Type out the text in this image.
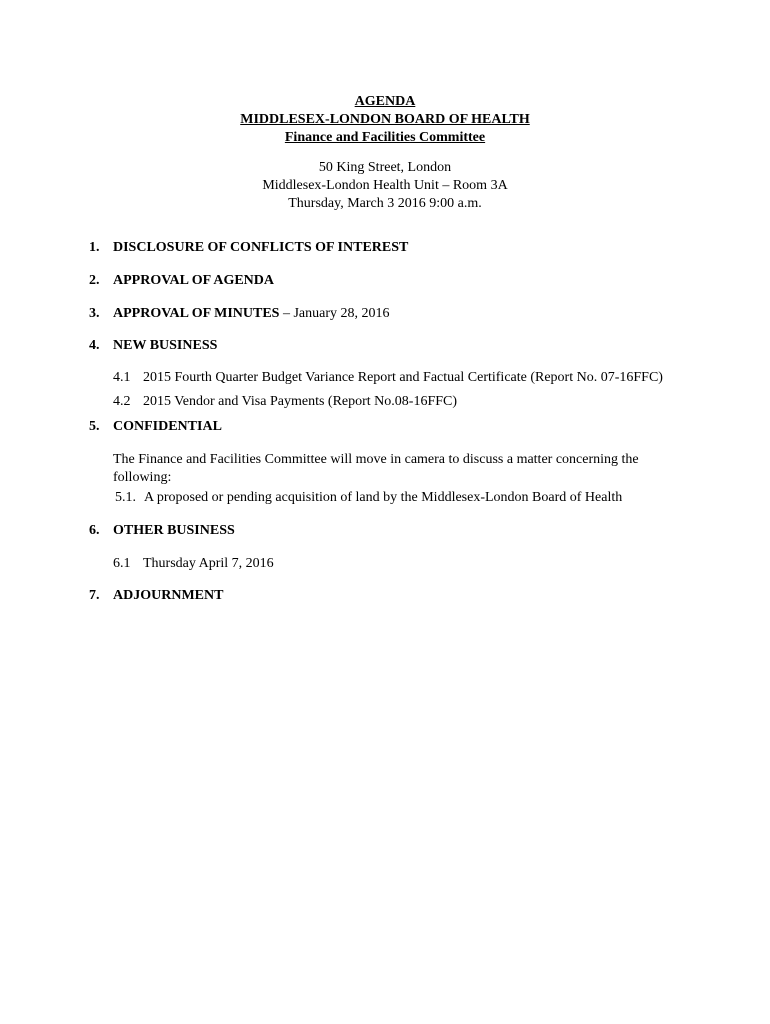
AGENDA
MIDDLESEX-LONDON BOARD OF HEALTH
Finance and Facilities Committee
50 King Street, London
Middlesex-London Health Unit – Room 3A
Thursday, March 3 2016 9:00 a.m.
1. DISCLOSURE OF CONFLICTS OF INTEREST
2. APPROVAL OF AGENDA
3. APPROVAL OF MINUTES – January 28, 2016
4. NEW BUSINESS
4.1 2015 Fourth Quarter Budget Variance Report and Factual Certificate (Report No. 07-16FFC)
4.2 2015 Vendor and Visa Payments (Report No.08-16FFC)
5. CONFIDENTIAL
The Finance and Facilities Committee will move in camera to discuss a matter concerning the following:
5.1. A proposed or pending acquisition of land by the Middlesex-London Board of Health
6. OTHER BUSINESS
6.1 Thursday April 7, 2016
7. ADJOURNMENT
